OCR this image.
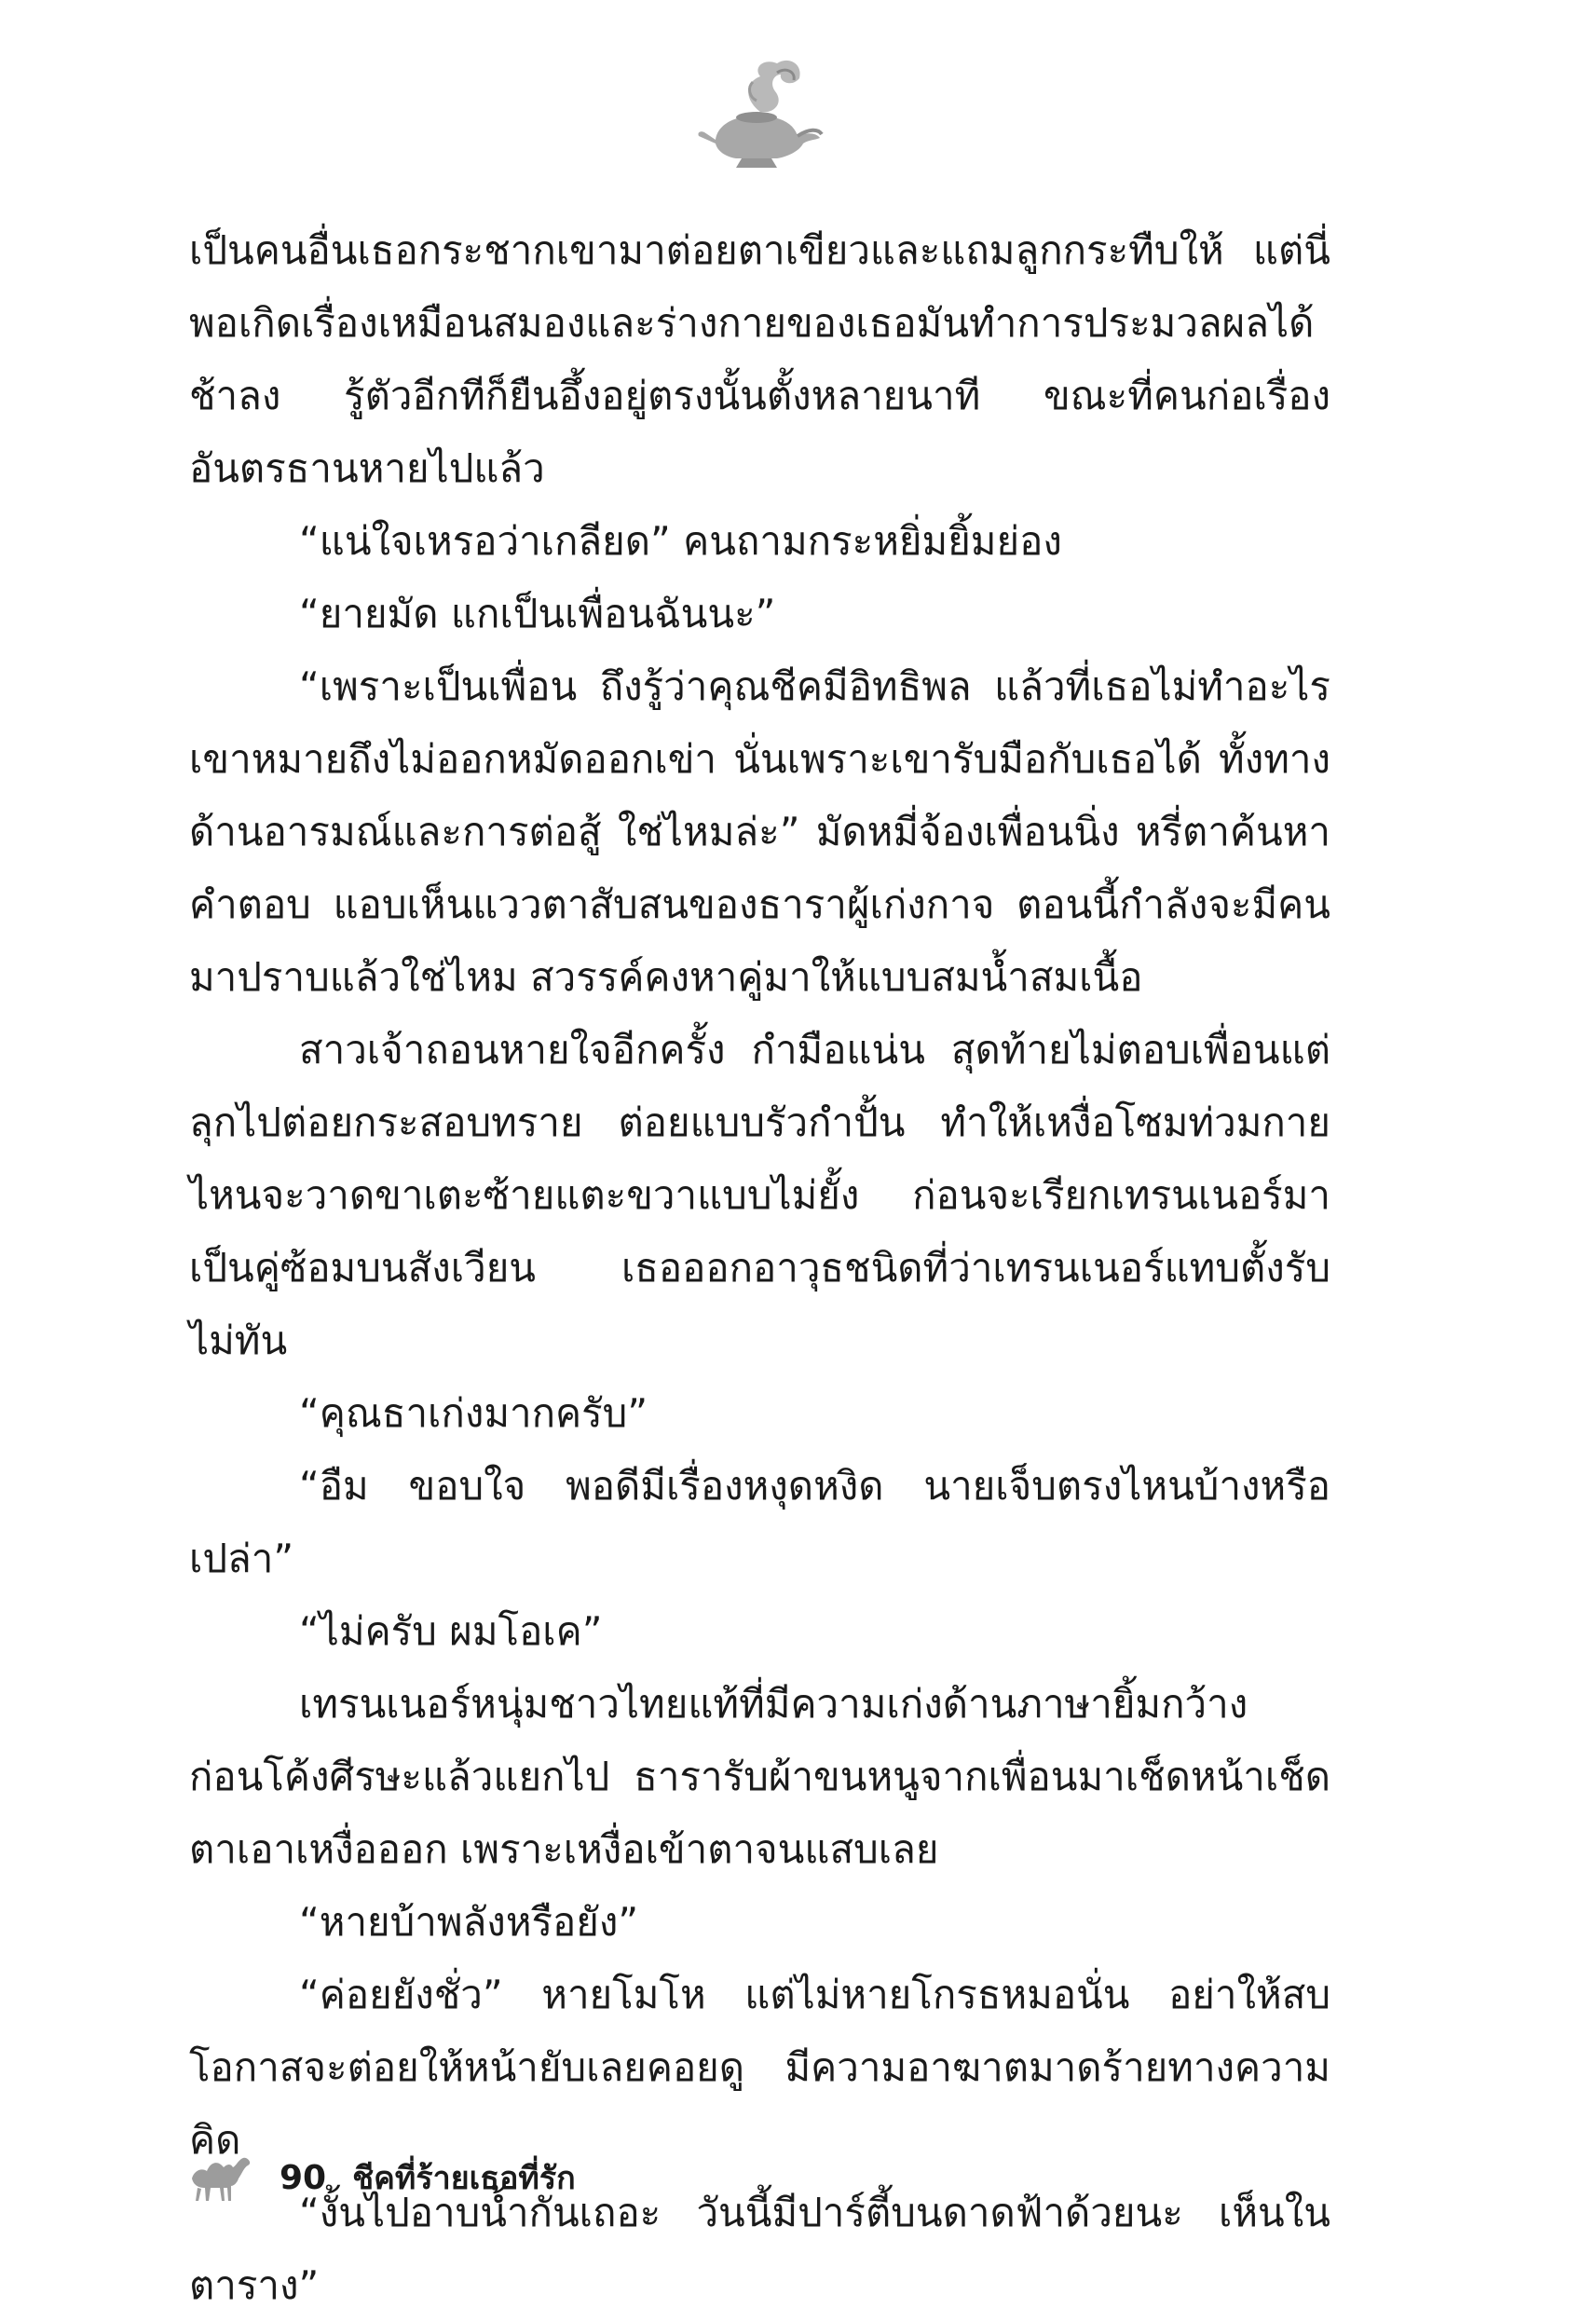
เป็นคนอื่นเธอกระชากเขามาต่อยตาเขียวและแถมลูกกระทืบให้ แต่นี่พอเกิดเรื่องเหมือนสมองและร่างกายของเธอมันทำการประมวลผลได้ช้าลง รู้ตัวอีกทีก็ยืนอึ้งอยู่ตรงนั้นตั้งหลายนาที ขณะที่คนก่อเรื่องอันตรธานหายไปแล้ว

“แน่ใจเหรอว่าเกลียด” คนถามกระหยิ่มยิ้มย่อง

“ยายมัด แกเป็นเพื่อนฉันนะ”

“เพราะเป็นเพื่อน ถึงรู้ว่าคุณชีคมีอิทธิพล แล้วที่เธอไม่ทำอะไรเขาหมายถึงไม่ออกหมัดออกเข่า นั่นเพราะเขารับมือกับเธอได้ ทั้งทางด้านอารมณ์และการต่อสู้ ใช่ไหมล่ะ” มัดหมี่จ้องเพื่อนนิ่ง หรี่ตาค้นหาคำตอบ แอบเห็นแววตาสับสนของธาราผู้เก่งกาจ ตอนนี้กำลังจะมีคนมาปราบแล้วใช่ไหม สวรรค์คงหาคู่มาให้แบบสมน้ำสมเนื้อ

สาวเจ้าถอนหายใจอีกครั้ง กำมือแน่น สุดท้ายไม่ตอบเพื่อนแต่ลุกไปต่อยกระสอบทราย ต่อยแบบรัวกำปั้น ทำให้เหงื่อโซมท่วมกายไหนจะวาดขาเตะซ้ายแตะขวาแบบไม่ยั้ง ก่อนจะเรียกเทรนเนอร์มาเป็นคู่ซ้อมบนสังเวียน เธอออกอาวุธชนิดที่ว่าเทรนเนอร์แทบตั้งรับไม่ทัน

“คุณธาเก่งมากครับ”

“อืม ขอบใจ พอดีมีเรื่องหงุดหงิด นายเจ็บตรงไหนบ้างหรือเปล่า”

“ไม่ครับ ผมโอเค”

เทรนเนอร์หนุ่มชาวไทยแท้ที่มีความเก่งด้านภาษายิ้มกว้าง ก่อนโค้งศีรษะแล้วแยกไป ธารารับผ้าขนหนูจากเพื่อนมาเช็ดหน้าเช็ดตาเอาเหงื่อออก เพราะเหงื่อเข้าตาจนแสบเลย

“หายบ้าพลังหรือยัง”

“ค่อยยังชั่ว” หายโมโห แต่ไม่หายโกรธหมอนั่น อย่าให้สบโอกาสจะต่อยให้หน้ายับเลยคอยดู มีความอาฆาตมาดร้ายทางความคิด

“งั้นไปอาบน้ำกันเถอะ วันนี้มีปาร์ตี้บนดาดฟ้าด้วยนะ เห็นในตาราง”

90 ชีคที่ร้ายเธอที่รัก
